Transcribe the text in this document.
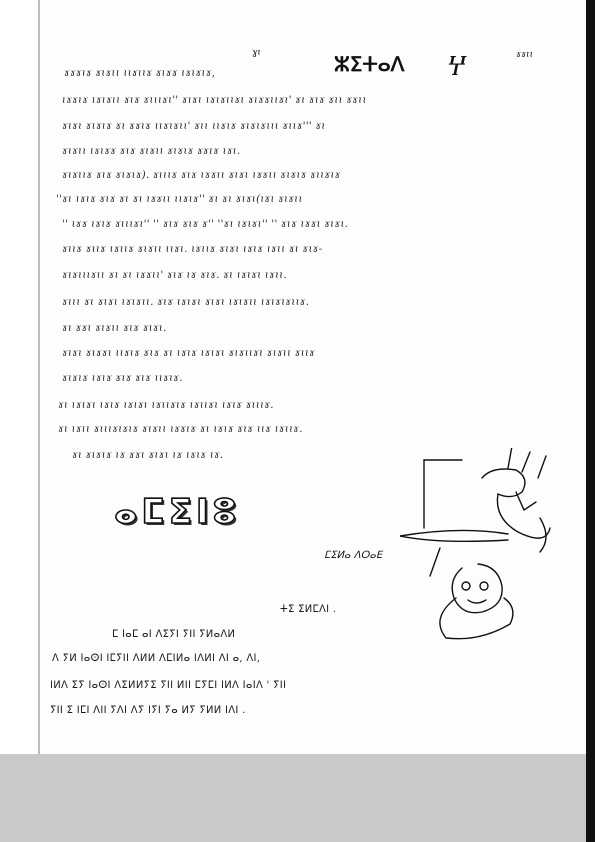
ɣɩ	ⵣⵉⵜⴰⴷ Ⴤ

ɤɤɩɩ

ɤɤɤɩɤ ɤɩɤɩɩ ɩɩɤɩɩɤ ɤɩɤɤ ɩɤɩɤɩɤ,

ɩɤɤɩɤ ɩɤɩɤɩɩ ɤɩɤ ɤɩɩɩɤɩ'' ɤɩɤɩ ɩɤɩɤɩɩɤɩ ɤɩɤɤɩɩɤɩ' ɤɩ ɤɩɤ ɤɩɩ ɤɤɩɩ

ɤɩɤɩ ɤɩɤɩɤ ɤɩ ɤɤɩɤ ɩɩɤɩɤɩɩ' ɤɩɩ ɩɩɤɩɤ ɤɩɤɩɤɩɩɩ ɤɩɩɤ''' ɤɩ

ɤɩɤɩɩ ɩɤɩɤɤ ɤɩɤ ɤɩɤɩɩ ɤɩɤɩɤ ɤɤɩɤ ɩɤɩ.

ɤɩɤɩɩɤ ɤɩɤ ɤɩɤɩɤ). ɤɩɩɩɤ ɤɩɤ ɩɤɤɩɩ ɤɩɤɩ ɩɤɤɩɩ ɤɩɤɩɤ ɤɩɩɤɩɤ

''ɤɩ ɩɤɩɤ ɤɩɤ ɤɩ ɤɩ ɩɤɤɩɩ ɩɩɤɩɤ'' ɤɩ ɤɩ ɤɩɤɩ(ɩɤɩ ɤɩɤɩɩ

'' ɩɤɤ ɩɤɩɤ ɤɩɩɩɤɩ'' '' ɤɩɤ ɤɩɤ ɤ'' ''ɤɩ ɩɤɩɤɩ'' '' ɤɩɤ ɩɤɤɩ ɤɩɤɩ.

ɤɩɩɤ ɤɩɩɤ ɩɤɩɩɤ ɤɩɤɩɩ ɩɩɤɩ. ɩɤɩɩɤ ɤɩɤɩ ɩɤɩɤ ɩɤɩɩ ɤɩ ɤɩɤ-

ɤɩɤɩɩɩɤɩɩ ɤɩ ɤɩ ɩɤɤɩɩ' ɤɩɤ ɩɤ ɤɩɤ. ɤɩ ɩɤɩɤɩ ɩɤɩɩ.

ɤɩɩɩ ɤɩ ɤɩɤɩ ɩɤɩɤɩɩ. ɤɩɤ ɩɤɩɤɩ ɤɩɤɩ ɩɤɩɤɩɩ ɩɤɩɤɩɤɩɩɤ.

ɤɩ ɤɤɩ ɤɩɤɩɩ ɤɩɤ ɤɩɤɩ.

ɤɩɤɩ ɤɩɤɤɩ ɩɩɤɩɤ ɤɩɤ ɤɩ ɩɤɩɤ ɩɤɩɤɩ ɤɩɤɩɩɤɩ ɤɩɤɩɩ ɤɩɩɤ

ɤɩɤɩɤ ɩɤɩɤ ɤɩɤ ɤɩɤ ɩɩɤɩɤ.

ɤɩ ɩɤɩɤɩ ɩɤɩɤ ɩɤɩɤɩ ɩɤɩɩɤɩɤ ɩɤɩɩɤɩ ɩɤɩɤ ɤɩɩɩɤ.

ɤɩ ɩɤɩɩ ɤɩɩɩɤɩɤɩɤ ɤɩɤɩɩ ɩɤɤɩɤ ɤɩ ɩɤɩɤ ɤɩɤ ɩɩɤ ɩɤɩɩɤ.

ɤɩ ɤɩɤɩɤ ɩɤ ɤɤɩ ɤɩɤɩ ɩɤ ɩɤɩɤ ɩɤ.

ⴰⵎⵉⵏⵓ

ⵎⵉⵍⴰ ⴷⵔⴰⴹ

ⵜⵉ ⵉⵍⵎⴷⵏ .

ⵎ ⵏⴰⵎ ⴰⵏ ⴷⵉⵢⵏ ⵢⵏⵏ ⵢⵍⴰⴷⵍ

ⴷ ⵢⵍ ⵏⴰⵙⵏ ⵏⵎⵢⵏⵏ ⴷⵍⵍ ⴷⵎⵏⵍⴰ ⵏⴷⵍⵏ ⴷⵏ ⴰ, ⴷⵏ,

ⵏⵍⴷ ⵉⵢ ⵏⴰⵙⵏ ⴷⵉⵍⵍⵢⵉ ⵢⵏⵏ ⵍⵏⵏ ⵎⵢⵎⵏ ⵏⵍⴷ ⵏⴰⵏⴷ ' ⵢⵏⵏ

ⵢⵏⵏ ⵉ ⵏⵎⵏ ⴷⵏⵏ ⵢⴷⵏ ⴷⵢ ⵏⵢⵏ ⵢⴰ ⵍⵢ ⵢⵍⵍ ⵏⴷⵏ .
